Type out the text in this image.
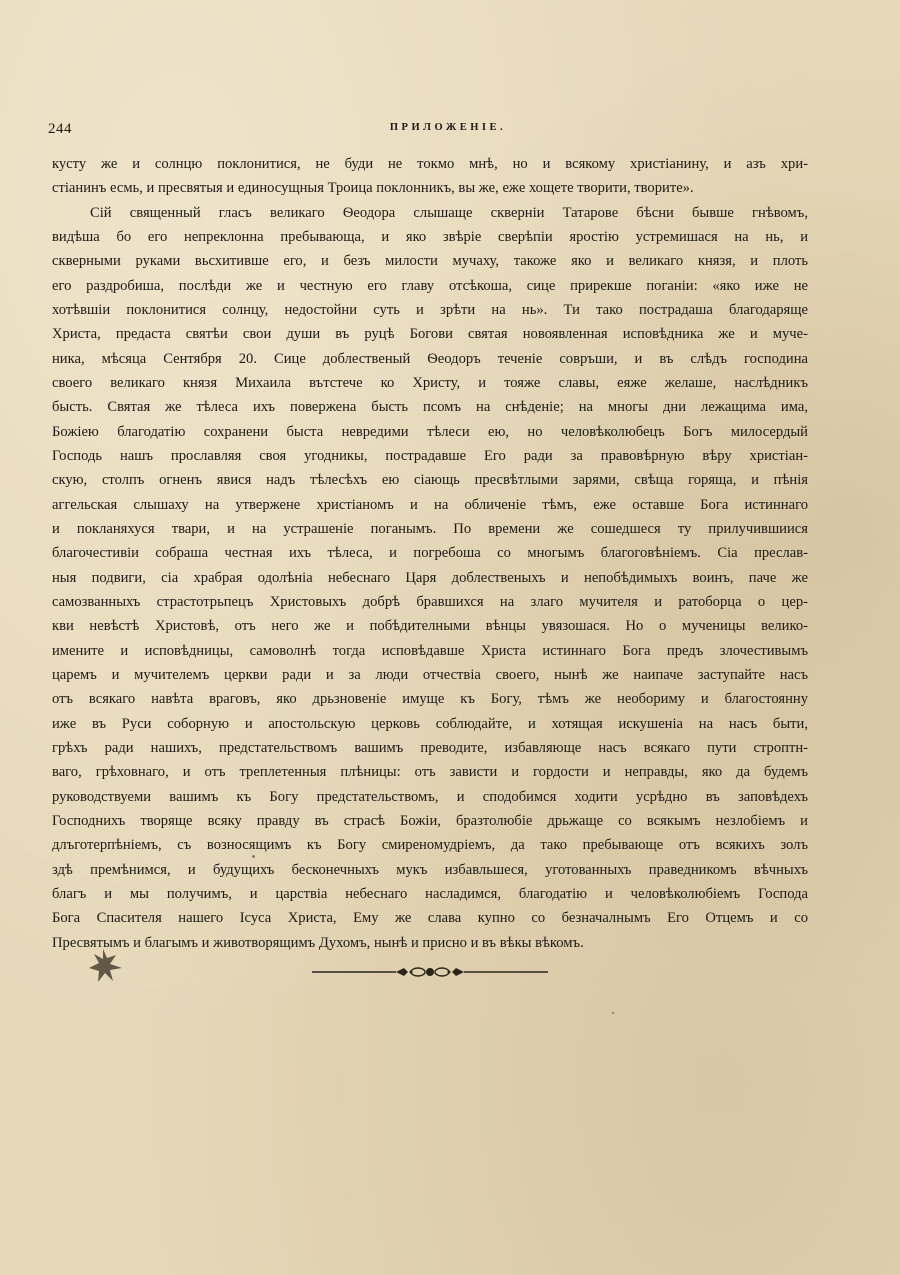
244	ПРИЛОЖЕНІЕ.
кусту же и солнцю поклонитися, не буди не токмо мнѣ, но и всякому христіанину, и азъ хри-
стіанинъ есмь, и пресвятыя и единосущныя Троица поклонникъ, вы же, еже хощете творити, творите».
Сій священный гласъ великаго Ѳеодора слышаще скверніи Татарове бѣсни бывше гнѣвомъ,
видѣша бо его непреклонна пребывающа, и яко звѣріе сверѣпіи яростію устремишася на нь, и
скверными руками вьсхитивше его, и безъ милости мучаху, такоже яко и великаго князя, и плоть
его раздробиша, послѣди же и честную его главу отсѣкоша, сице прирекше поганіи: «яко иже не
хотѣвшіи поклонитися солнцу, недостойни суть и зрѣти на нь». Ти тако пострадаша благодаряще
Христа, предаста святѣи свои души въ руцѣ Богови святая новоявленная исповѣдника же и муче-
ника, мѣсяца Сентября 20. Сице доблественый Ѳеодоръ теченіе совръши, и въ слѣдъ господина
своего великаго князя Михаила вътстече ко Христу, и тояже славы, еяже желаше, наслѣдникъ
бысть. Святая же тѣлеса ихъ повержена бысть псомъ на снѣденіе; на многы дни лежащима има,
Божіею благодатію сохранени быста невредими тѣлеси ею, но человѣколюбецъ Богъ милосердый
Господь нашъ прославляя своя угодникы, пострадавше Его ради за правовѣрную вѣру христіан-
скую, столпъ огненъ явися надъ тѣлесѣхъ ею сіающь пресвѣтлыми зарями, свѣща горяща, и пѣнія
аггельская слышаху на утвержене христіаномъ и на обличеніе тѣмъ, еже оставше Бога истиннаго
и покланяхуся твари, и на устрашеніе поганымъ. По времени же сошедшеся ту прилучившиися
благочестивіи собраша честная ихъ тѣлеса, и погребоша со многымъ благоговѣніемъ. Сіа преслав-
ныя подвиги, сіа храбрая одолѣніа небеснаго Царя доблественыхъ и непобѣдимыхъ воинъ, паче же
самозванныхъ страстотрьпецъ Христовыхъ добрѣ бравшихся на злаго мучителя и ратоборца о цер-
кви невѣстѣ Христовѣ, отъ него же и побѣдителными вѣнцы увязошася. Но о мученицы велико-
имените и исповѣдницы, самоволнѣ тогда исповѣдавше Христа истиннаго Бога предъ злочестивымъ
царемъ и мучителемъ церкви ради и за люди отчествіа своего, нынѣ же наипаче заступайте насъ
отъ всякаго навѣта враговъ, яко дрьзновеніе имуще къ Богу, тѣмъ же необориму и благостоянну
иже въ Руси соборную и апостольскую церковь соблюдайте, и хотящая искушеніа на насъ быти,
грѣхъ ради нашихъ, предстательствомъ вашимъ преводите, избавляюще насъ всякаго пути строптн-
ваго, грѣховнаго, и отъ треплетенныя плѣницы: отъ зависти и гордости и неправды, яко да будемъ
руководствуеми вашимъ къ Богу предстательствомъ, и сподобимся ходити усрѣдно въ заповѣдехъ
Господнихъ творяще всяку правду въ страсѣ Божіи, бразтолюбіе дрьжаще со всякымъ незлобіемъ и
длъготерпѣніемъ, съ возносящимъ къ Богу смиреномудріемъ, да тако пребывающе отъ всякихъ золъ
здѣ премѣнимся, и будущихъ бесконечныхъ мукъ избавльшеся, уготованныхъ праведникомъ вѣчныхъ
благъ и мы получимъ, и царствіа небеснаго насладимся, благодатію и человѣколюбіемъ Господа
Бога Спасителя нашего Ісуса Христа, Ему же слава купно со безначалнымъ Его Отцемъ и со
Пресвятымъ и благымъ и животворящимъ Духомъ, нынѣ и присно и въ вѣкы вѣкомъ.
